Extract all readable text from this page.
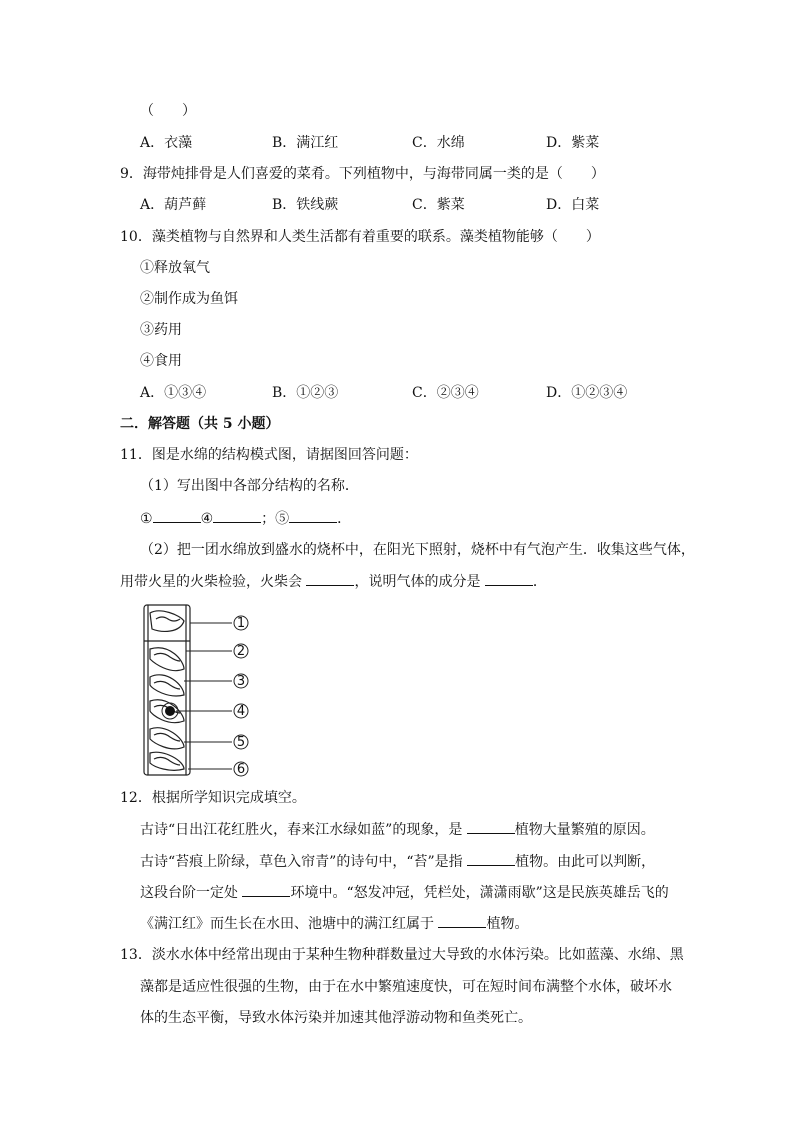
（　　）
A．衣藻	B．满江红	C．水绵	D．紫菜
9．海带炖排骨是人们喜爱的菜肴。下列植物中，与海带同属一类的是（　　）
A．葫芦藓	B．铁线蕨	C．紫菜	D．白菜
10．藻类植物与自然界和人类生活都有着重要的联系。藻类植物能够（　　）
①释放氧气
②制作成为鱼饵
③药用
④食用
A．①③④	B．①②③	C．②③④	D．①②③④
二．解答题（共 5 小题）
11．图是水绵的结构模式图，请据图回答问题：
（1）写出图中各部分结构的名称．
①	④	；⑤	．
（2）把一团水绵放到盛水的烧杯中，在阳光下照射，烧杯中有气泡产生．收集这些气体，
用带火星的火柴检验，火柴会	，说明气体的成分是	．
1
2
3
4
5
6
12．根据所学知识完成填空。
古诗“日出江花红胜火，春来江水绿如蓝”的现象，是	植物大量繁殖的原因。
古诗“苔痕上阶绿，草色入帘青”的诗句中，“苔”是指	植物。由此可以判断，
这段台阶一定处	环境中。“怒发冲冠，凭栏处，潇潇雨歇”这是民族英雄岳飞的
《满江红》而生长在水田、池塘中的满江红属于	植物。
13．淡水水体中经常出现由于某种生物种群数量过大导致的水体污染。比如蓝藻、水绵、黑
藻都是适应性很强的生物，由于在水中繁殖速度快，可在短时间布满整个水体，破坏水
体的生态平衡，导致水体污染并加速其他浮游动物和鱼类死亡。
